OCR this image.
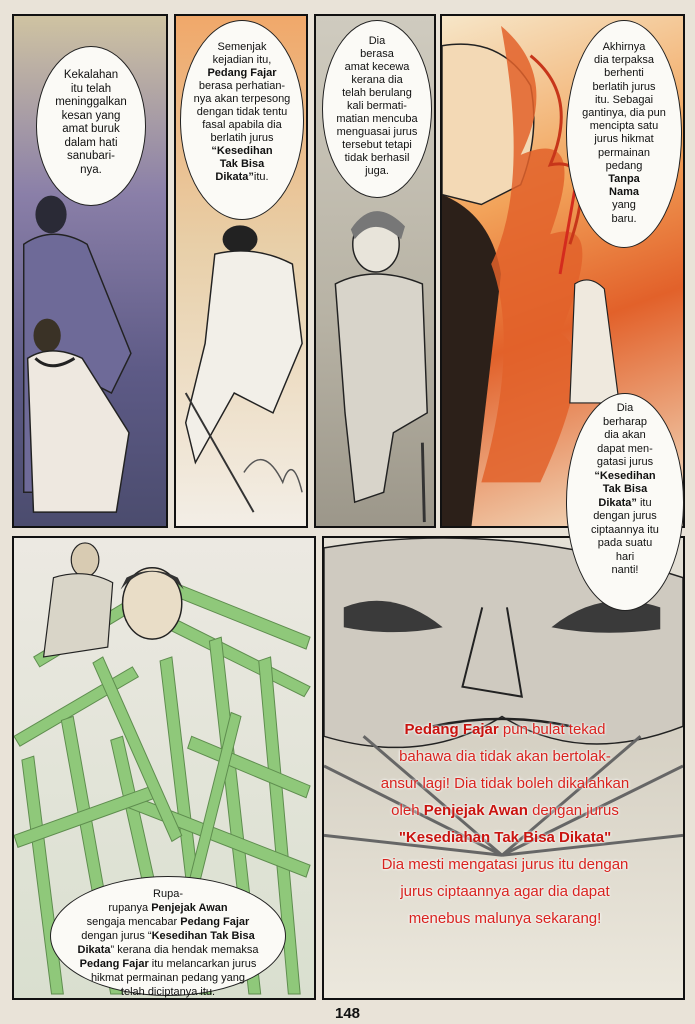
Kekalahan
itu telah
meninggalkan
kesan yang
amat buruk
dalam hati
sanubari-
nya.

Semenjak
kejadian itu,
Pedang Fajar
berasa perhatian-
nya akan terpesong
dengan tidak tentu
fasal apabila dia
berlatih jurus
“Kesedihan
Tak Bisa
Dikata”itu.

Dia
berasa
amat kecewa
kerana dia
telah berulang
kali bermati-
matian mencuba
menguasai jurus
tersebut tetapi
tidak berhasil
juga.

Akhirnya
dia terpaksa
berhenti
berlatih jurus
itu. Sebagai
gantinya, dia pun
mencipta satu
jurus hikmat
permainan
pedang
Tanpa
Nama
yang
baru.

Dia
berharap
dia akan
dapat men-
gatasi jurus
“Kesedihan
Tak Bisa
Dikata” itu
dengan jurus
ciptaannya itu
pada suatu
hari
nanti!

Rupa-
rupanya Penjejak Awan
sengaja mencabar Pedang Fajar
dengan jurus “Kesedihan Tak Bisa
Dikata” kerana dia hendak memaksa
Pedang Fajar itu melancarkan jurus
hikmat permainan pedang yang
telah diciptanya itu.

Pedang Fajar pun bulat tekad
bahawa dia tidak akan bertolak-
ansur lagi! Dia tidak boleh dikalahkan
oleh Penjejak Awan dengan jurus
"Kesediahan Tak Bisa Dikata"
Dia mesti mengatasi jurus itu dengan
jurus ciptaannya agar dia dapat
menebus malunya sekarang!
148
